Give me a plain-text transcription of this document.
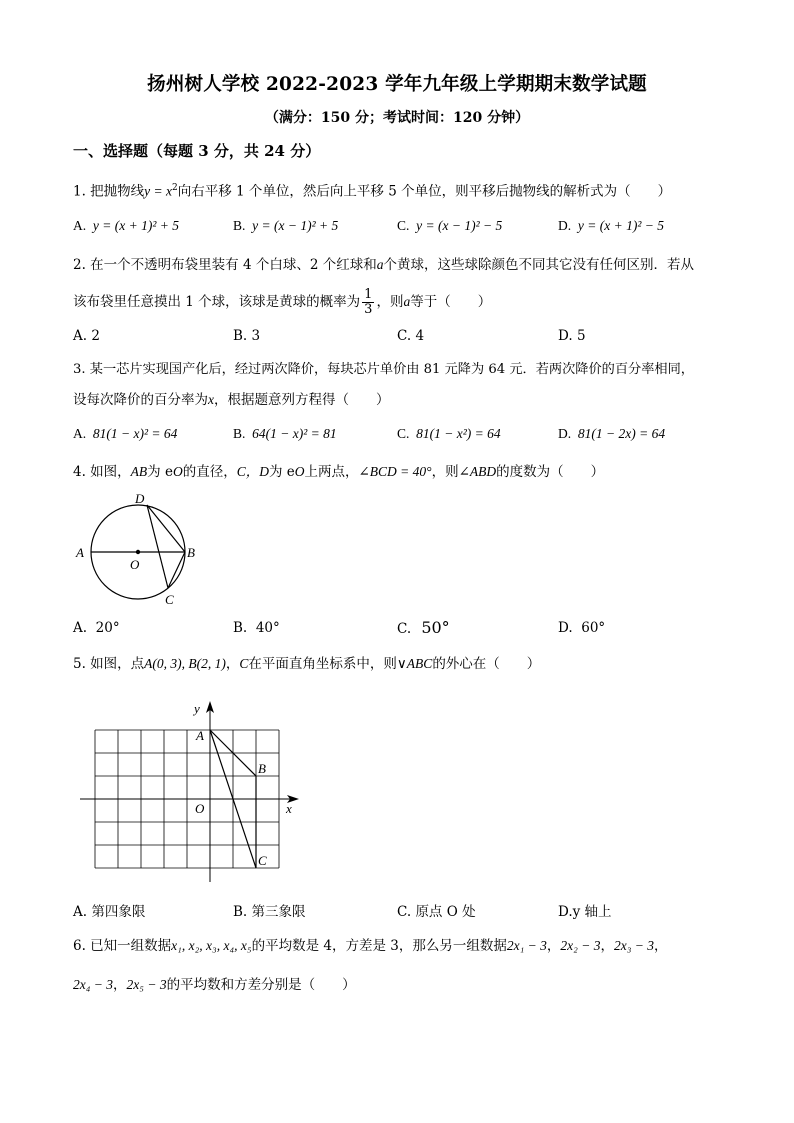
扬州树人学校 2022-2023 学年九年级上学期期末数学试题
（满分：150 分；考试时间：120 分钟）
一、选择题（每题 3 分，共 24 分）
1. 把抛物线$y = x^2$向右平移 1 个单位，然后向上平移 5 个单位，则平移后抛物线的解析式为（　　）
A. y = (x + 1)² + 5	B. y = (x − 1)² + 5	C. y = (x − 1)² − 5	D. y = (x + 1)² − 5
2. 在一个不透明布袋里装有 4 个白球、2 个红球和a个黄球，这些球除颜色不同其它没有任何区别．若从
该布袋里任意摸出 1 个球，该球是黄球的概率为 $\frac{1}{3}$ ，则a等于（　　）
A. 2	B. 3	C. 4	D. 5
3. 某一芯片实现国产化后，经过两次降价，每块芯片单价由 81 元降为 64 元．若两次降价的百分率相同，
设每次降价的百分率为x，根据题意列方程得（　　）
A. 81(1 − x)² = 64	B. 64(1 − x)² = 81	C. 81(1 − x²) = 64	D. 81(1 − 2x) = 64
4. 如图，AB为 eO的直径，C，D为 eO上两点，∠BCD = 40°，则∠ABD的度数为（　　）
A	B
C
D
O
A. 20°	B. 40°	C. 50°	D. 60°
5. 如图，点A(0, 3), B(2, 1)，C在平面直角坐标系中，则∨ABC的外心在（　　）
A
B
C
O	x
y
A. 第四象限	B. 第三象限	C. 原点 O 处	D.y 轴上
6. 已知一组数据x₁, x₂, x₃, x₄, x₅的平均数是 4，方差是 3，那么另一组数据2x₁ − 3，2x₂ − 3，2x₃ − 3，
2x₄ − 3，2x₅ − 3的平均数和方差分别是（　　）
